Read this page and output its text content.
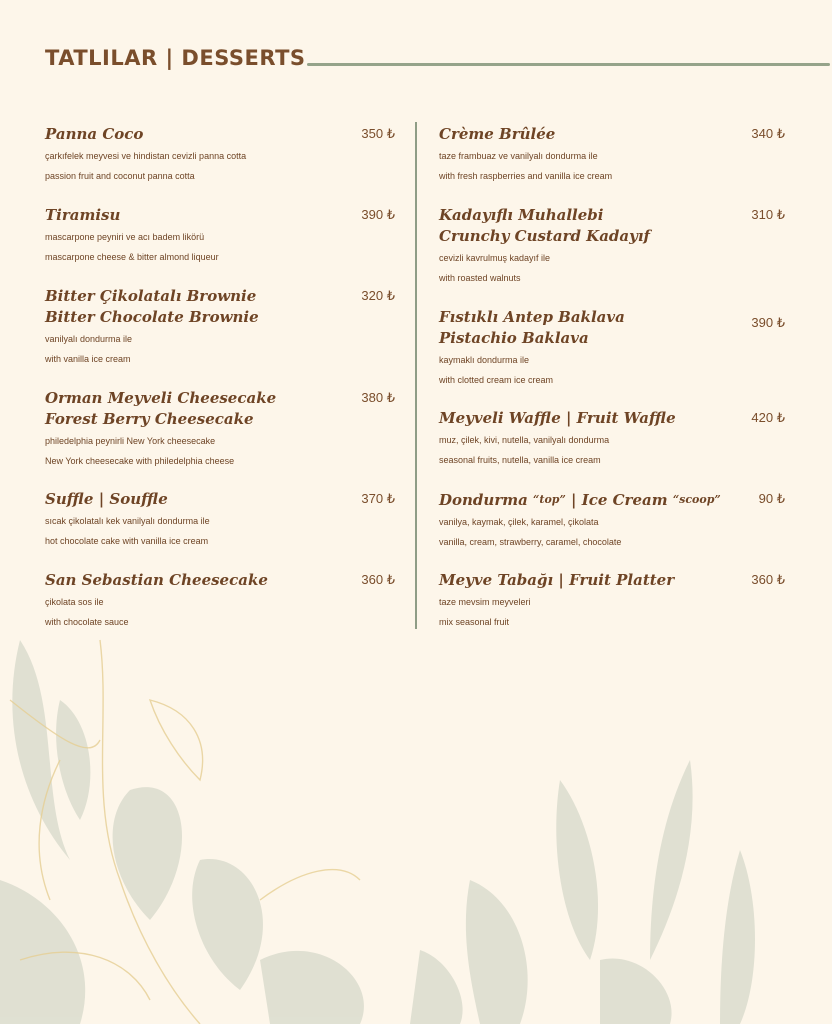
TATLILAR | DESSERTS
Panna Coco	350 ₺
çarkıfelek meyvesi ve hindistan cevizli panna cotta
passion fruit and coconut panna cotta
Tiramisu	390 ₺
mascarpone peyniri ve acı badem likörü
mascarpone cheese & bitter almond liqueur
Bitter Çikolatalı Brownie
Bitter Chocolate Brownie
320 ₺
vanilyalı dondurma ile
with vanilla ice cream
Orman Meyveli Cheesecake
Forest Berry Cheesecake
380 ₺
philedelphia peynirli New York cheesecake
New York cheesecake with philedelphia cheese
Suffle | Souffle	370 ₺
sıcak çikolatalı kek vanilyalı dondurma ile
hot chocolate cake with vanilla ice cream
San Sebastian Cheesecake	360 ₺
çikolata sos ile
with chocolate sauce
Crème Brûlée	340 ₺
taze frambuaz ve vanilyalı dondurma ile
with fresh raspberries and vanilla ice cream
Kadayıflı Muhallebi
Crunchy Custard Kadayıf
310 ₺
cevizli kavrulmuş kadayıf ile
with roasted walnuts
Fıstıklı Antep Baklava
Pistachio Baklava
390 ₺
kaymaklı dondurma ile
with clotted cream ice cream
Meyveli Waffle | Fruit Waffle	420 ₺
muz, çilek, kivi, nutella, vanilyalı dondurma
seasonal fruits, nutella, vanilla ice cream
Dondurma “top” | Ice Cream “scoop”	90 ₺
vanilya, kaymak, çilek, karamel, çikolata
vanilla, cream, strawberry, caramel, chocolate
Meyve Tabağı | Fruit Platter	360 ₺
taze mevsim meyveleri
mix seasonal fruit
